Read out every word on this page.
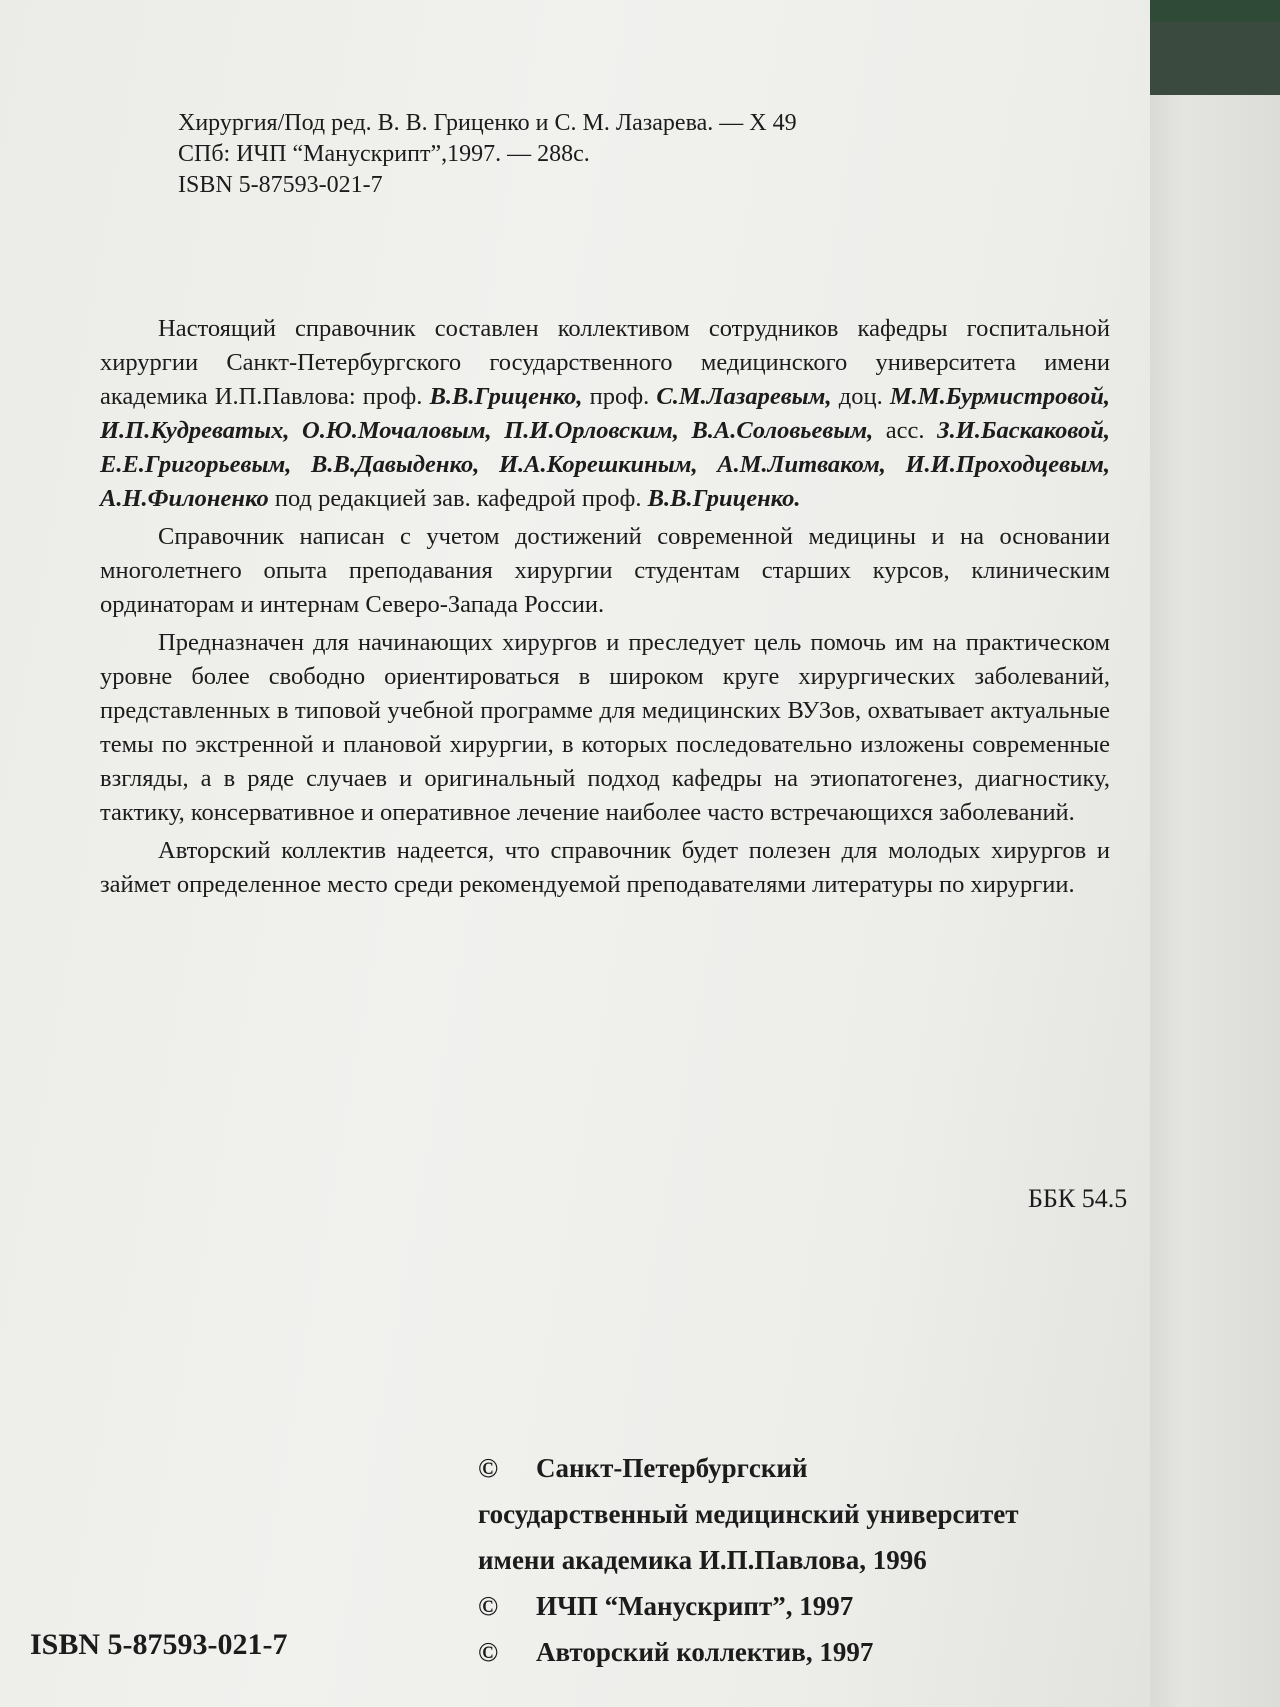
Хирургия/Под ред. В. В. Гриценко и С. М. Лазарева. — Х 49
СПб: ИЧП “Манускрипт”,1997. — 288с.
ISBN 5-87593-021-7

Настоящий справочник составлен коллективом сотрудников кафедры госпитальной хирургии Санкт-Петербургского государственного медицинского университета имени академика И.П.Павлова: проф. В.В.Гриценко, проф. С.М.Лазаревым, доц. М.М.Бурмистровой, И.П.Кудреватых, О.Ю.Мочаловым, П.И.Орловским, В.А.Соловьевым, асс. З.И.Баскаковой, Е.Е.Григорьевым, В.В.Давыденко, И.А.Корешкиным, А.М.Литваком, И.И.Проходцевым, А.Н.Филоненко под редакцией зав. кафедрой проф. В.В.Гриценко.

Справочник написан с учетом достижений современной медицины и на основании многолетнего опыта преподавания хирургии студентам старших курсов, клиническим ординаторам и интернам Северо-Запада России.

Предназначен для начинающих хирургов и преследует цель помочь им на практическом уровне более свободно ориентироваться в широком круге хирургических заболеваний, представленных в типовой учебной программе для медицинских ВУЗов, охватывает актуальные темы по экстренной и плановой хирургии, в которых последовательно изложены современные взгляды, а в ряде случаев и оригинальный подход кафедры на этиопатогенез, диагностику, тактику, консервативное и оперативное лечение наиболее часто встречающихся заболеваний.

Авторский коллектив надеется, что справочник будет полезен для молодых хирургов и займет определенное место среди рекомендуемой преподавателями литературы по хирургии.

ББК 54.5
©	Санкт-Петербургский
государственный медицинский университет
имени академика И.П.Павлова, 1996
©	ИЧП “Манускрипт”, 1997
©	Авторский коллектив, 1997
ISBN 5-87593-021-7
